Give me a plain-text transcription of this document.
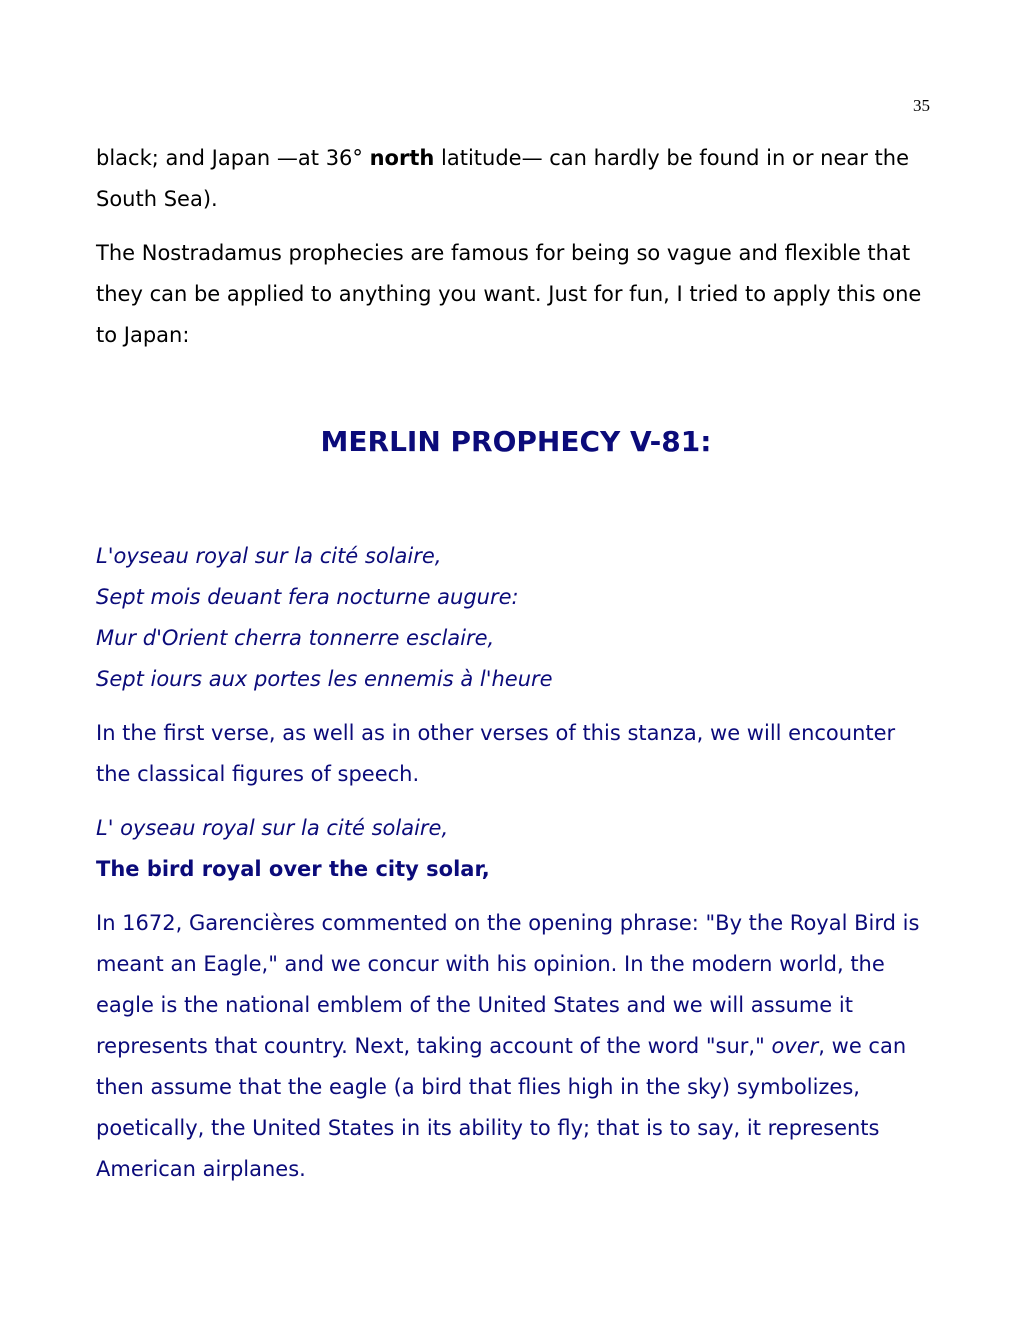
35

black; and Japan —at 36° north latitude— can hardly be found in or near the South Sea).

The Nostradamus prophecies are famous for being so vague and flexible that they can be applied to anything you want. Just for fun, I tried to apply this one to Japan:

MERLIN PROPHECY V-81:

L'oyseau royal sur la cité solaire,

Sept mois deuant fera nocturne augure:

Mur d'Orient cherra tonnerre esclaire,

Sept iours aux portes les ennemis à l'heure

In the first verse, as well as in other verses of this stanza, we will encounter the classical figures of speech.

L' oyseau royal sur la cité solaire,

The bird royal over the city solar,

In 1672, Garencières commented on the opening phrase: "By the Royal Bird is meant an Eagle," and we concur with his opinion. In the modern world, the eagle is the national emblem of the United States and we will assume it represents that country. Next, taking account of the word "sur," over, we can then assume that the eagle (a bird that flies high in the sky) symbolizes, poetically, the United States in its ability to fly; that is to say, it represents American airplanes.
